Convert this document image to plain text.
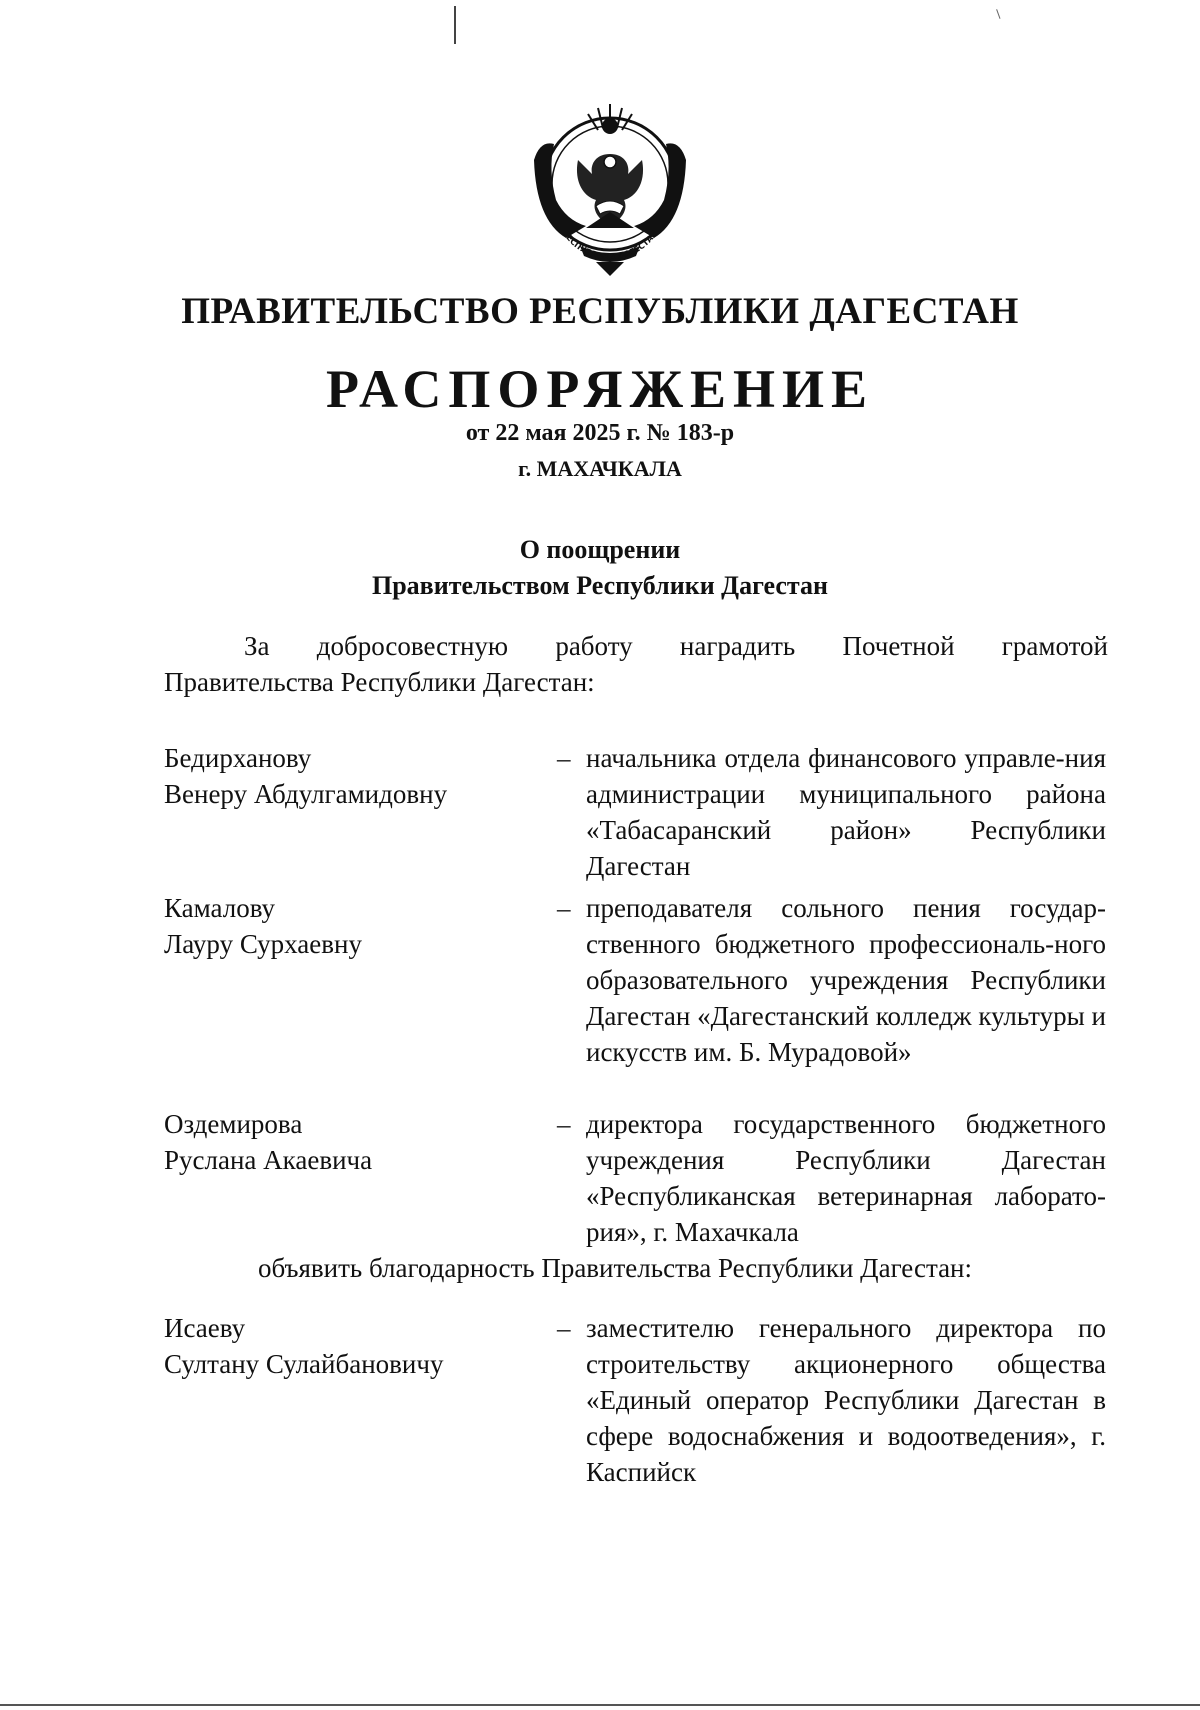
РЕСПУБЛИКА ДАГЕСТАН
ПРАВИТЕЛЬСТВО РЕСПУБЛИКИ ДАГЕСТАН
РАСПОРЯЖЕНИЕ
от 22 мая 2025 г. № 183-р
г. МАХАЧКАЛА
О поощрении
Правительством Республики Дагестан
За добросовестную работу наградить Почетной грамотой
Правительства Республики Дагестан:
Бедирханову
Венеру Абдулгамидовну
– начальника отдела финансового управле-ния администрации муниципального района «Табасаранский район» Республики Дагестан
Камалову
Лауру Сурхаевну
– преподавателя сольного пения государ-ственного бюджетного профессиональ-ного образовательного учреждения Республики Дагестан «Дагестанский колледж культуры и искусств им. Б. Мурадовой»
Оздемирова
Руслана Акаевича
– директора государственного бюджетного учреждения Республики Дагестан «Республиканская ветеринарная лаборато-рия», г. Махачкала
объявить благодарность Правительства Республики Дагестан:
Исаеву
Султану Сулайбановичу
– заместителю генерального директора по строительству акционерного общества «Единый оператор Республики Дагестан в сфере водоснабжения и водоотведения», г. Каспийск
